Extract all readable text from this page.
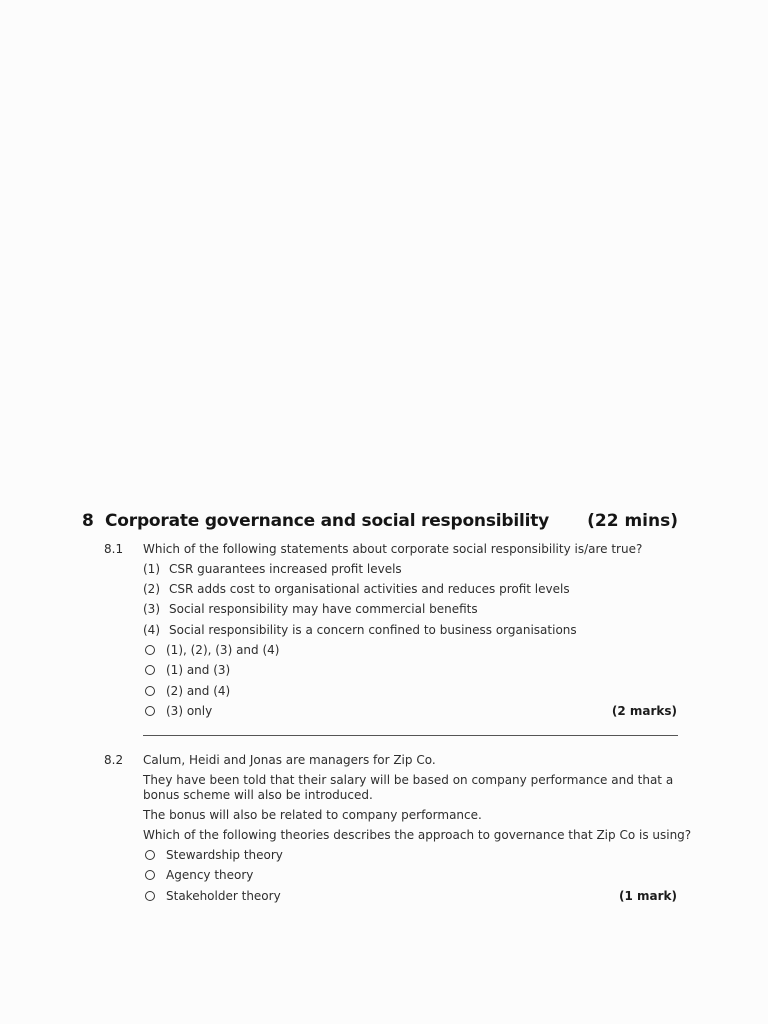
8 Corporate governance and social responsibility (22 mins)
8.1 Which of the following statements about corporate social responsibility is/are true?
(1) CSR guarantees increased profit levels
(2) CSR adds cost to organisational activities and reduces profit levels
(3) Social responsibility may have commercial benefits
(4) Social responsibility is a concern confined to business organisations
(1), (2), (3) and (4)
(1) and (3)
(2) and (4)
(3) only	(2 marks)
8.2 Calum, Heidi and Jonas are managers for Zip Co.
They have been told that their salary will be based on company performance and that a
bonus scheme will also be introduced.
The bonus will also be related to company performance.
Which of the following theories describes the approach to governance that Zip Co is using?
Stewardship theory
Agency theory
Stakeholder theory	(1 mark)
